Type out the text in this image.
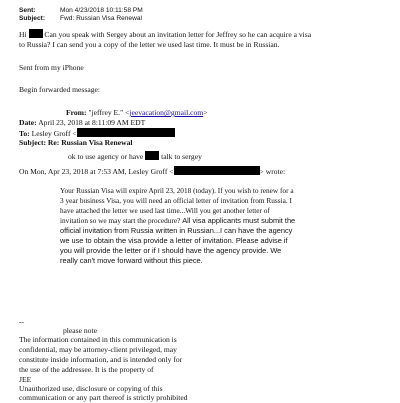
Sent:	Mon 4/23/2018 10:11:58 PM
Subject: Fwd: Russian Visa Renewal
Hi Can you speak with Sergey about an invitation letter for Jeffrey so he can acquire a visa
to Russia? I can send you a copy of the letter we used last time. It must be in Russian.
Sent from my iPhone
Begin forwarded message:
From: "jeffrey E." <jeevacation@gmail.com>
Date: April 23, 2018 at 8:11:09 AM EDT
To: Lesley Groff <
Subject: Re: Russian Visa Renewal
ok to use agency or have talk to sergey
On Mon, Apr 23, 2018 at 7:53 AM, Lesley Groff <	> wrote:
Your Russian Visa will expire April 23, 2018 (today). If you wish to renew for a
3 year business Visa, you will need an official letter of invitation from Russia. I
have attached the letter we used last time...Will you get another letter of
invitation so we may start the procedure? All visa applicants must submit the
official invitation from Russia written in Russian...I can have the agency
we use to obtain the visa provide a letter of invitation. Please advise if
you will provide the letter or if I should have the agency provide. We
really can't move forward without this piece.
--
please note
The information contained in this communication is
confidential, may be attorney-client privileged, may
constitute inside information, and is intended only for
the use of the addressee. It is the property of
JEE
Unauthorized use, disclosure or copying of this
communication or any part thereof is strictly prohibited
